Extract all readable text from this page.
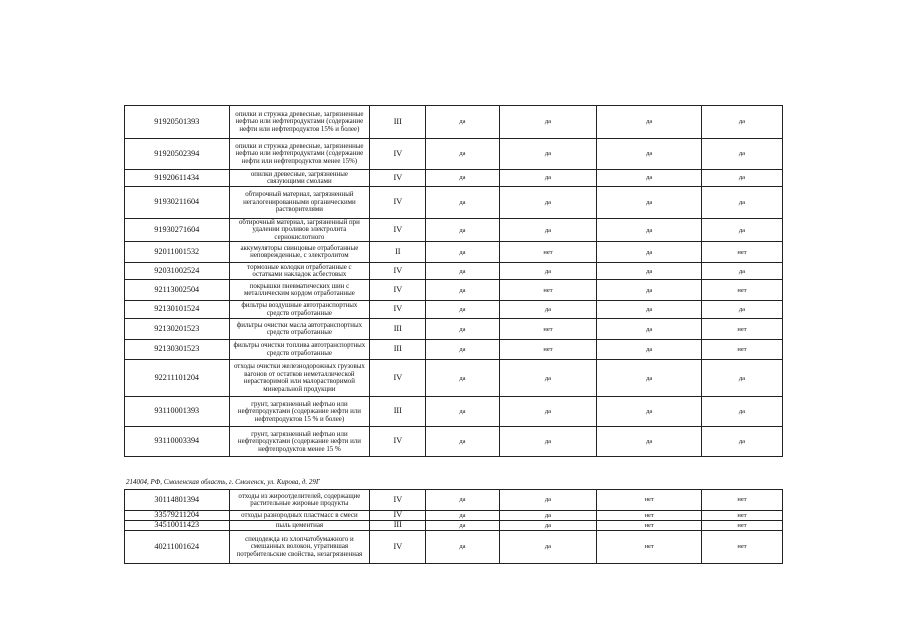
91920501393	опилки и стружка древесные, загрязненные нефтью или нефтепродуктами (содержание нефти или нефтепродуктов 15% и более)	III	да	да	да	да
91920502394	опилки и стружка древесные, загрязненные нефтью или нефтепродуктами (содержание нефти или нефтепродуктов менее 15%)	IV	да	да	да	да
91920611434	опилки древесные, загрязненные связующими смолами	IV	да	да	да	да
91930211604	обтирочный материал, загрязненный негалогенированными органическими растворителями	IV	да	да	да	да
91930271604	обтирочный материал, загрязненный при удалении проливов электролита сернокислотного	IV	да	да	да	да
92011001532	аккумуляторы свинцовые отработанные неповрежденные, с электролитом	II	да	нет	да	нет
92031002524	тормозные колодки отработанные с остатками накладок асбестовых	IV	да	да	да	да
92113002504	покрышки пневматических шин с металлическим кордом отработанные	IV	да	нет	да	нет
92130101524	фильтры воздушные автотранспортных средств отработанные	IV	да	да	да	да
92130201523	фильтры очистки масла автотранспортных средств отработанные	III	да	нет	да	нет
92130301523	фильтры очистки топлива автотранспортных средств отработанные	III	да	нет	да	нет
92211101204	отходы очистки железнодорожных грузовых вагонов от остатков неметаллической нерастворимой или малорастворимой минеральной продукции	IV	да	да	да	да
93110001393	грунт, загрязненный нефтью или нефтепродуктами (содержание нефти или нефтепродуктов 15 % и более)	III	да	да	да	да
93110003394	грунт, загрязненный нефтью или нефтепродуктами (содержание нефти или нефтепродуктов менее 15 %	IV	да	да	да	да
214004, РФ, Смоленская область, г. Смоленск, ул. Кирова, д. 29Г
30114801394	отходы из жироотделителей, содержащие растительные жировые продукты	IV	да	да	нет	нет
33579211204	отходы разнородных пластмасс в смеси	IV	да	да	нет	нет
34510011423	пыль цементная	III	да	да	нет	нет
40211001624	спецодежда из хлопчатобумажного и смешанных волокон, утратившая потребительские свойства, незагрязненная	IV	да	да	нет	нет
